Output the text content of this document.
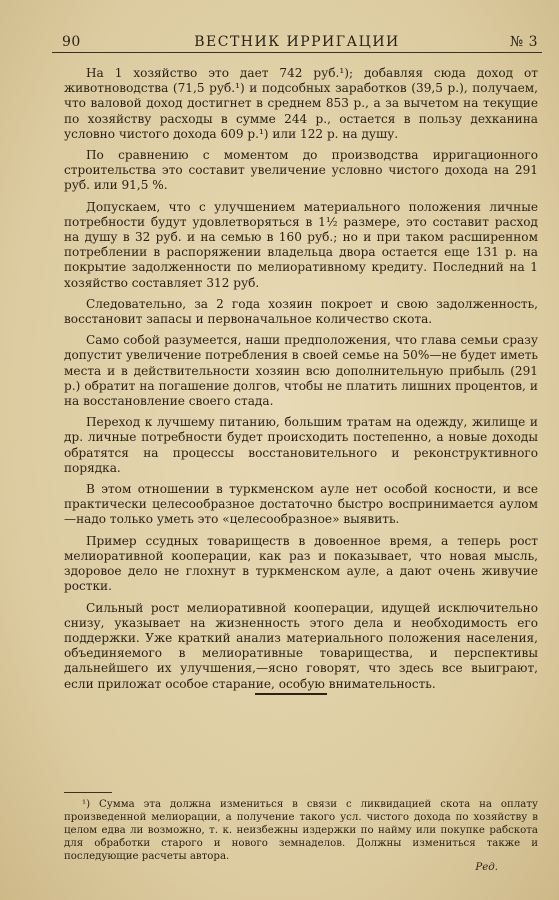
90	ВЕСТНИК ИРРИГАЦИИ	№ 3

На 1 хозяйство это дает 742 руб.¹); добавляя сюда доход от животноводства (71,5 руб.¹) и подсобных заработков (39,5 р.), получаем, что валовой доход достигнет в среднем 853 р., а за вычетом на текущие по хозяйству расходы в сумме 244 р., остается в пользу дехканина условно чистого дохода 609 р.¹) или 122 р. на душу.

По сравнению с моментом до производства ирригационного строительства это составит увеличение условно чистого дохода на 291 руб. или 91,5 %.

Допускаем, что с улучшением материального положения личные потребности будут удовлетворяться в 1½ размере, это составит расход на душу в 32 руб. и на семью в 160 руб.; но и при таком расширенном потреблении в распоряжении владельца двора остается еще 131 р. на покрытие задолженности по мелиоративному кредиту. Последний на 1 хозяйство составляет 312 руб.

Следовательно, за 2 года хозяин покроет и свою задолженность, восстановит запасы и первоначальное количество скота.

Само собой разумеется, наши предположения, что глава семьи сразу допустит увеличение потребления в своей семье на 50%—не будет иметь места и в действительности хозяин всю дополнительную прибыль (291 р.) обратит на погашение долгов, чтобы не платить лишних процентов, и на восстановление своего стада.

Переход к лучшему питанию, большим тратам на одежду, жилище и др. личные потребности будет происходить постепенно, а новые доходы обратятся на процессы восстановительного и реконструктивного порядка.

В этом отношении в туркменском ауле нет особой косности, и все практически целесообразное достаточно быстро воспринимается аулом—надо только уметь это «целесообразное» выявить.

Пример ссудных товариществ в довоенное время, а теперь рост мелиоративной кооперации, как раз и показывает, что новая мысль, здоровое дело не глохнут в туркменском ауле, а дают очень живучие ростки.

Сильный рост мелиоративной кооперации, идущей исключительно снизу, указывает на жизненность этого дела и необходимость его поддержки. Уже краткий анализ материального положения населения, объединяемого в мелиоративные товарищества, и перспективы дальнейшего их улучшения,—ясно говорят, что здесь все выиграют, если приложат особое старание, особую внимательность.

¹) Сумма эта должна измениться в связи с ликвидацией скота на оплату произведенной мелиорации, а получение такого усл. чистого дохода по хозяйству в целом едва ли возможно, т. к. неизбежны издержки по найму или покупке рабскота для обработки старого и нового земнаделов. Должны измениться также и последующие расчеты автора.

Ред.
